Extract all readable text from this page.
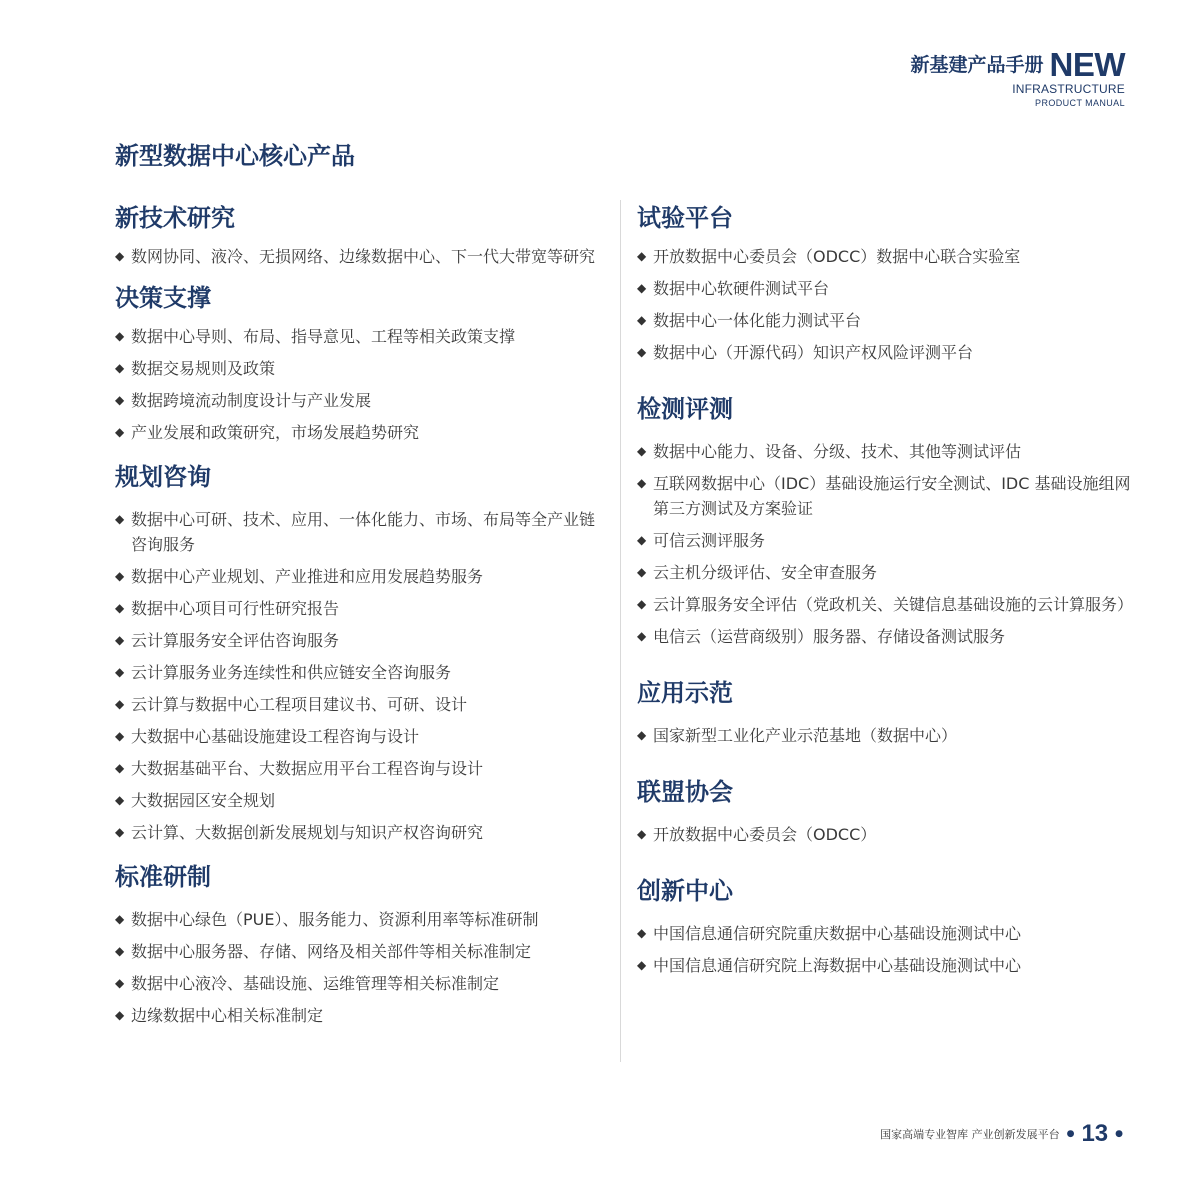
新基建产品手册 NEW
INFRASTRUCTURE
PRODUCT MANUAL
新型数据中心核心产品
新技术研究
◆ 数网协同、液冷、无损网络、边缘数据中心、下一代大带宽等研究
决策支撑
◆ 数据中心导则、布局、指导意见、工程等相关政策支撑
◆ 数据交易规则及政策
◆ 数据跨境流动制度设计与产业发展
◆ 产业发展和政策研究，市场发展趋势研究
规划咨询
◆ 数据中心可研、技术、应用、一体化能力、市场、布局等全产业链咨询服务
◆ 数据中心产业规划、产业推进和应用发展趋势服务
◆ 数据中心项目可行性研究报告
◆ 云计算服务安全评估咨询服务
◆ 云计算服务业务连续性和供应链安全咨询服务
◆ 云计算与数据中心工程项目建议书、可研、设计
◆ 大数据中心基础设施建设工程咨询与设计
◆ 大数据基础平台、大数据应用平台工程咨询与设计
◆ 大数据园区安全规划
◆ 云计算、大数据创新发展规划与知识产权咨询研究
标准研制
◆ 数据中心绿色（PUE）、服务能力、资源利用率等标准研制
◆ 数据中心服务器、存储、网络及相关部件等相关标准制定
◆ 数据中心液冷、基础设施、运维管理等相关标准制定
◆ 边缘数据中心相关标准制定
试验平台
◆ 开放数据中心委员会（ODCC）数据中心联合实验室
◆ 数据中心软硬件测试平台
◆ 数据中心一体化能力测试平台
◆ 数据中心（开源代码）知识产权风险评测平台
检测评测
◆ 数据中心能力、设备、分级、技术、其他等测试评估
◆ 互联网数据中心（IDC）基础设施运行安全测试、IDC 基础设施组网第三方测试及方案验证
◆ 可信云测评服务
◆ 云主机分级评估、安全审查服务
◆ 云计算服务安全评估（党政机关、关键信息基础设施的云计算服务）
◆ 电信云（运营商级别）服务器、存储设备测试服务
应用示范
◆ 国家新型工业化产业示范基地（数据中心）
联盟协会
◆ 开放数据中心委员会（ODCC）
创新中心
◆ 中国信息通信研究院重庆数据中心基础设施测试中心
◆ 中国信息通信研究院上海数据中心基础设施测试中心
国家高端专业智库 产业创新发展平台 ● 13 ●
